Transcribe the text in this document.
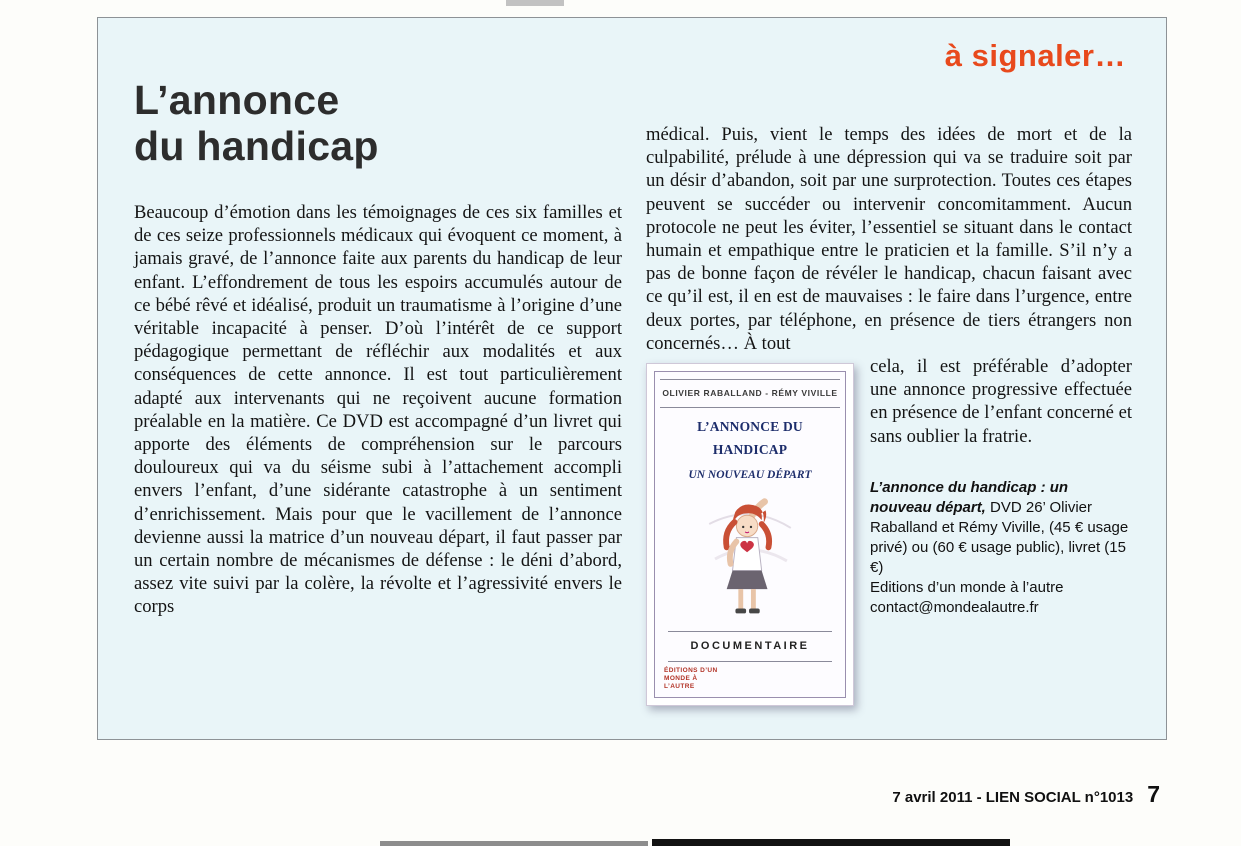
à signaler…
L’annonce
du handicap
Beaucoup d’émotion dans les témoignages de ces six familles et de ces seize professionnels médicaux qui évoquent ce moment, à jamais gravé, de l’annonce faite aux parents du handicap de leur enfant. L’effondrement de tous les espoirs accumulés autour de ce bébé rêvé et idéalisé, produit un traumatisme à l’origine d’une véritable incapacité à penser. D’où l’intérêt de ce support pédagogique permettant de réfléchir aux modalités et aux conséquences de cette annonce. Il est tout particulièrement adapté aux intervenants qui ne reçoivent aucune formation préalable en la matière. Ce DVD est accompagné d’un livret qui apporte des éléments de compréhension sur le parcours douloureux qui va du séisme subi à l’attachement accompli envers l’enfant, d’une sidérante catastrophe à un sentiment d’enrichissement. Mais pour que le vacillement de l’annonce devienne aussi la matrice d’un nouveau départ, il faut passer par un certain nombre de mécanismes de défense : le déni d’abord, assez vite suivi par la colère, la révolte et l’agressivité envers le corps

médical. Puis, vient le temps des idées de mort et de la culpabilité, prélude à une dépression qui va se traduire soit par un désir d’abandon, soit par une surprotection. Toutes ces étapes peuvent se succéder ou intervenir concomitamment. Aucun protocole ne peut les éviter, l’essentiel se situant dans le contact humain et empathique entre le praticien et la famille. S’il n’y a pas de bonne façon de révéler le handicap, chacun faisant avec ce qu’il est, il en est de mauvaises : le faire dans l’urgence, entre deux portes, par téléphone, en présence de tiers étrangers non concernés… À tout

OLIVIER RABALLAND - RÉMY VIVILLE
L’ANNONCE DU HANDICAP
UN NOUVEAU DÉPART
DOCUMENTAIRE
ÉDITIONS D’UN MONDE À L’AUTRE

cela, il est préférable d’adopter une annonce progressive effectuée en présence de l’enfant concerné et sans oublier la fratrie.

L’annonce du handicap : un nouveau départ, DVD 26’ Olivier Raballand et Rémy Viville, (45 € usage privé) ou (60 € usage public), livret (15 €)
Editions d’un monde à l’autre
contact@mondealautre.fr
7 avril 2011 - LIEN SOCIAL n°1013 7
